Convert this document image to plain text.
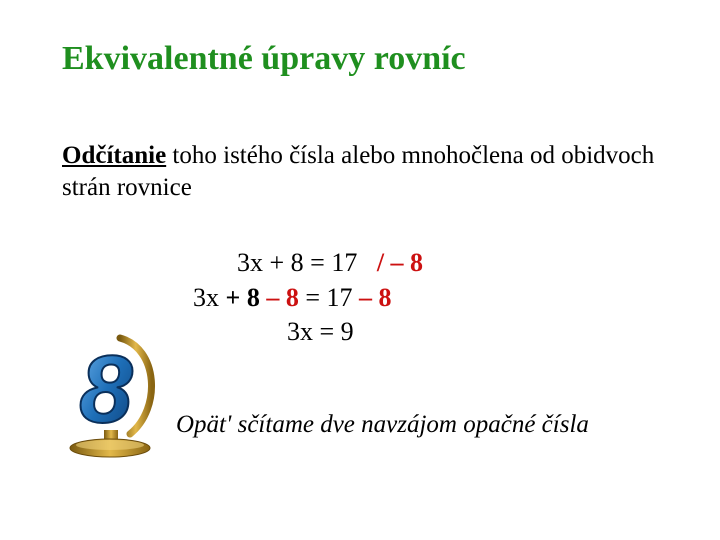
Ekvivalentné úpravy rovníc
Odčítanie toho istého čísla alebo mnohočlena od obidvoch strán rovnice
3x + 8 = 17 / – 8
3x + 8 – 8 = 17 – 8
3x = 9
8 Opät' sčítame dve navzájom opačné čísla
